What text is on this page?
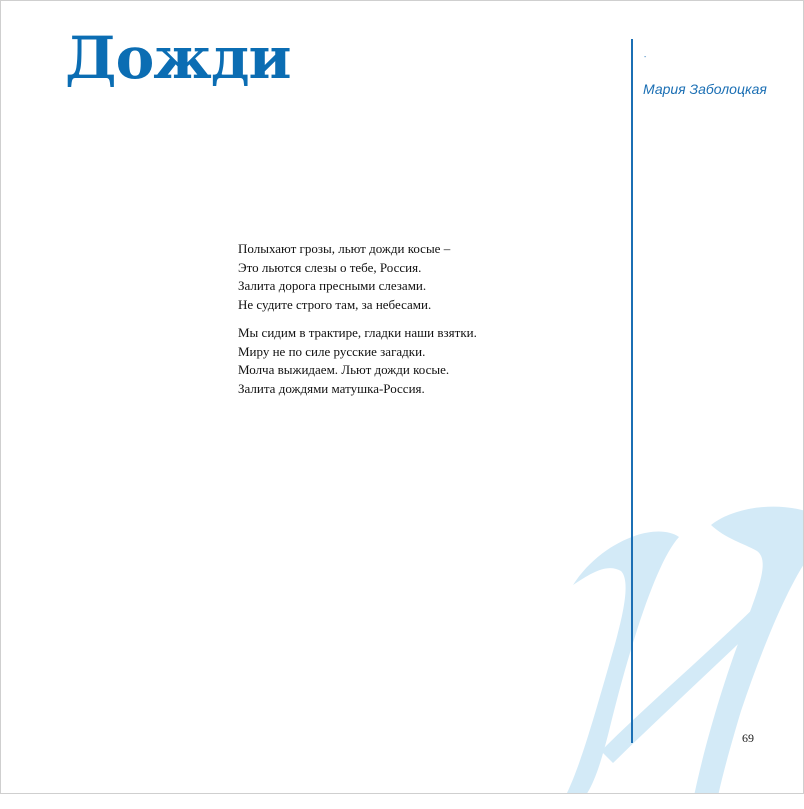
Дожди	-
Мария Заболоцкая
Полыхают грозы, льют дожди косые –
Это льются слезы о тебе, Россия.
Залита дорога пресными слезами.
Не судите строго там, за небесами.
Мы сидим в трактире, гладки наши взятки.
Миру не по силе русские загадки.
Молча выжидаем. Льют дожди косые.
Залита дождями матушка-Россия.
69
